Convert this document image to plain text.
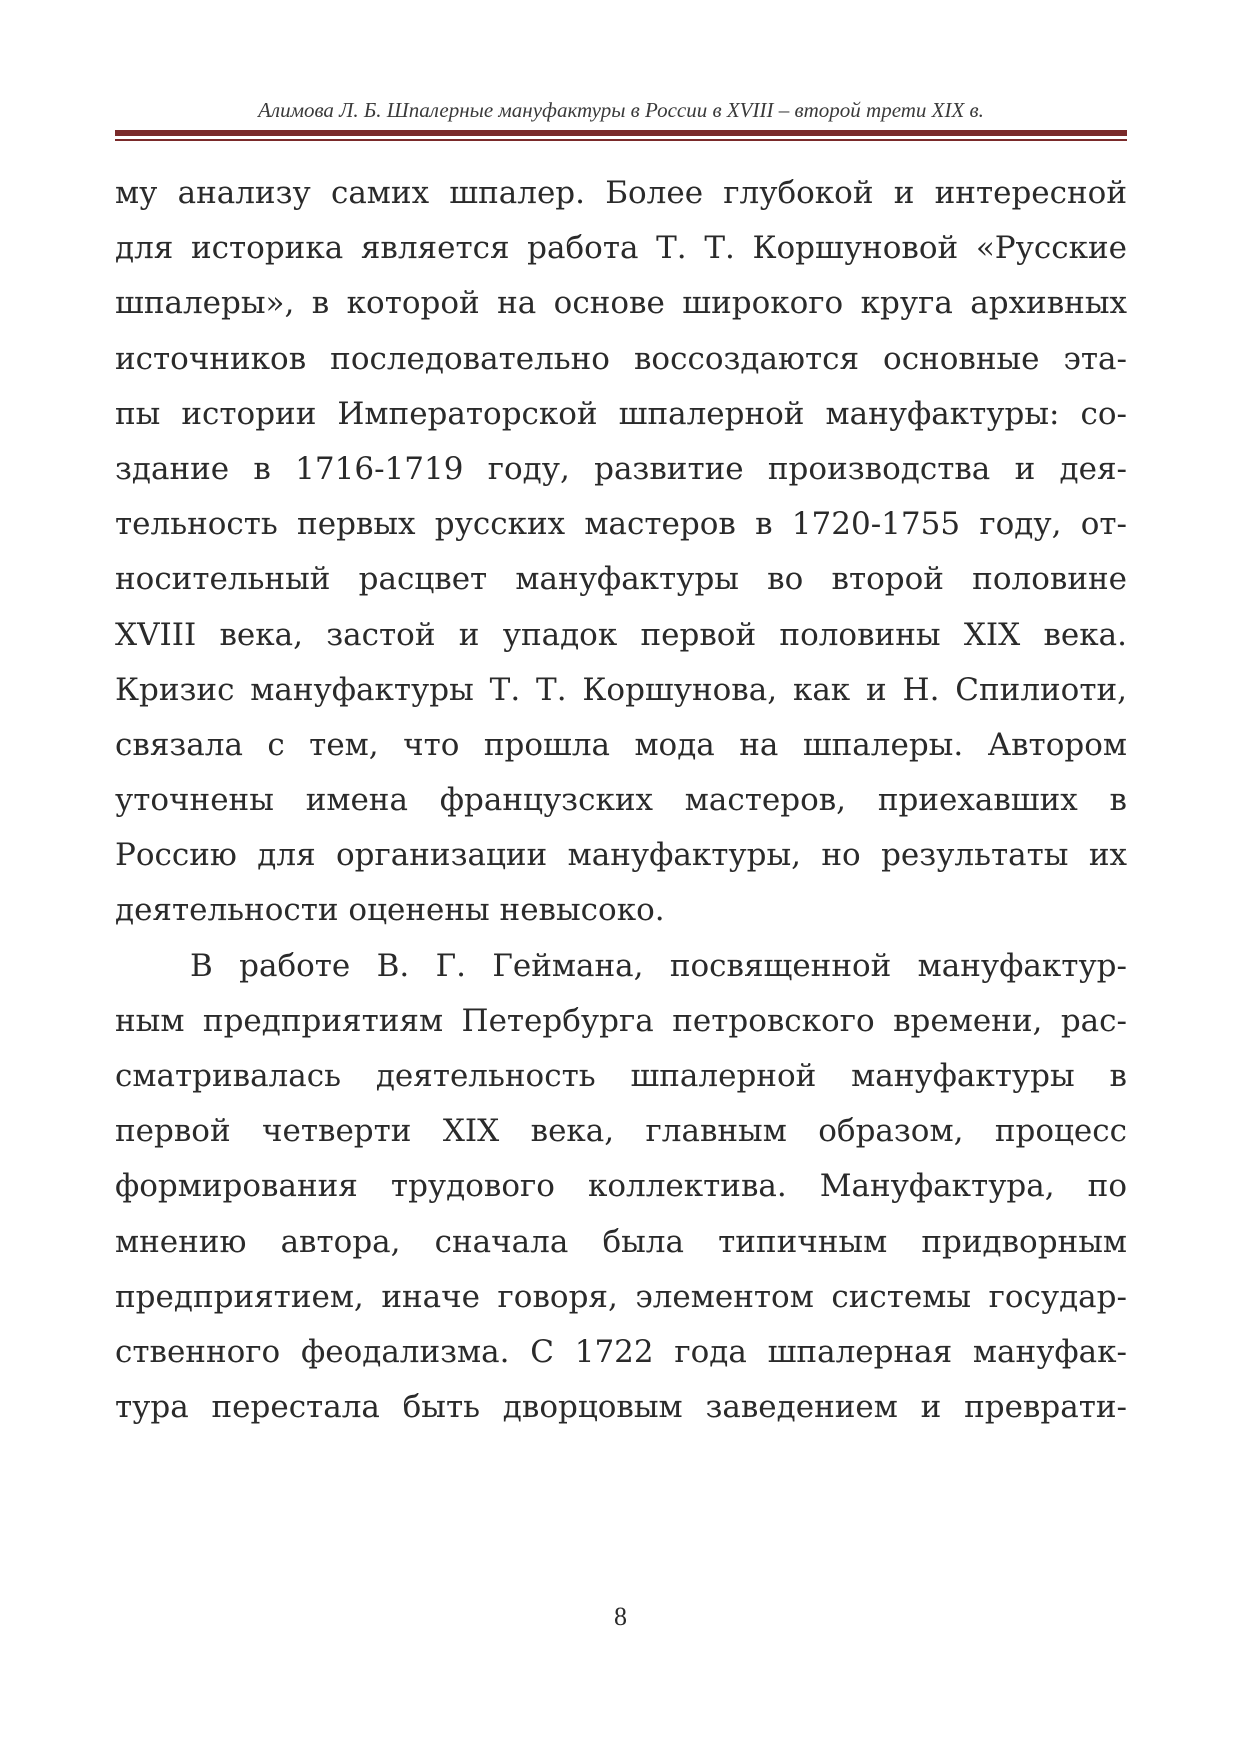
Алимова Л. Б. Шпалерные мануфактуры в России в XVIII – второй трети XIX в.
му анализу самих шпалер. Более глубокой и интересной
для историка является работа Т. Т. Коршуновой «Русские
шпалеры», в которой на основе широкого круга архивных
источников последовательно воссоздаются основные эта-
пы истории Императорской шпалерной мануфактуры: со-
здание в 1716-1719 году, развитие производства и дея-
тельность первых русских мастеров в 1720-1755 году, от-
носительный расцвет мануфактуры во второй половине
XVIII века, застой и упадок первой половины XIX века.
Кризис мануфактуры Т. Т. Коршунова, как и Н. Спилиоти,
связала с тем, что прошла мода на шпалеры. Автором
уточнены имена французских мастеров, приехавших в
Россию для организации мануфактуры, но результаты их
деятельности оценены невысоко.
В работе В. Г. Геймана, посвященной мануфактур-
ным предприятиям Петербурга петровского времени, рас-
сматривалась деятельность шпалерной мануфактуры в
первой четверти XIX века, главным образом, процесс
формирования трудового коллектива. Мануфактура, по
мнению автора, сначала была типичным придворным
предприятием, иначе говоря, элементом системы государ-
ственного феодализма. С 1722 года шпалерная мануфак-
тура перестала быть дворцовым заведением и преврати-
8
